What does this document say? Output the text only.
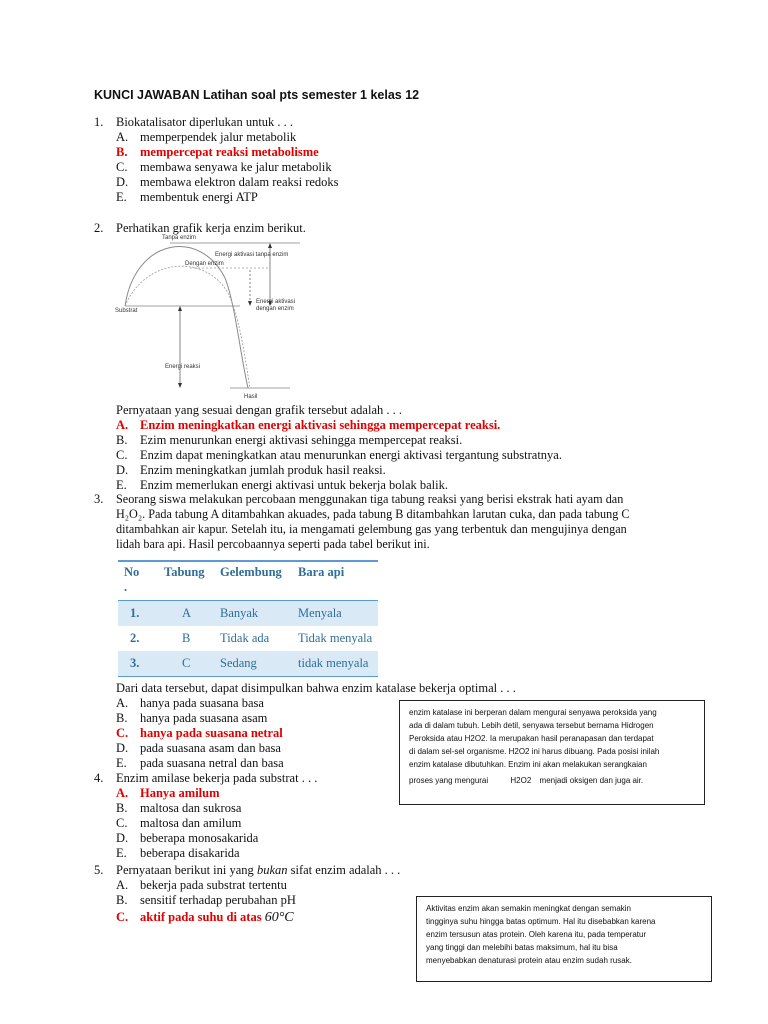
KUNCI JAWABAN Latihan soal pts semester 1 kelas 12
1. Biokatalisator diperlukan untuk . . .
A. memperpendek jalur metabolik
B. mempercepat reaksi metabolisme
C. membawa senyawa ke jalur metabolik
D. membawa elektron dalam reaksi redoks
E. membentuk energi ATP
2. Perhatikan grafik kerja enzim berikut.
Tanpa enzim
Dengan enzim
Energi aktivasi tanpa enzim
Energi aktivasi
dengan enzim
Substrat
Energi reaksi
Hasil
Pernyataan yang sesuai dengan grafik tersebut adalah . . .
A. Enzim meningkatkan energi aktivasi sehingga mempercepat reaksi.
B. Ezim menurunkan energi aktivasi sehingga mempercepat reaksi.
C. Enzim dapat meningkatkan atau menurunkan energi aktivasi tergantung substratnya.
D. Enzim meningkatkan jumlah produk hasil reaksi.
E. Enzim memerlukan energi aktivasi untuk bekerja bolak balik.
3. Seorang siswa melakukan percobaan menggunakan tiga tabung reaksi yang berisi ekstrak hati ayam dan
H₂O₂. Pada tabung A ditambahkan akuades, pada tabung B ditambahkan larutan cuka, dan pada tabung C
ditambahkan air kapur. Setelah itu, ia mengamati gelembung gas yang terbentuk dan mengujinya dengan
lidah bara api. Hasil percobaannya seperti pada tabel berikut ini.
No
.	Tabung	Gelembung	Bara api
1.	A	Banyak	Menyala
2.	B	Tidak ada	Tidak menyala
3.	C	Sedang	tidak menyala
Dari data tersebut, dapat disimpulkan bahwa enzim katalase bekerja optimal . . .
A. hanya pada suasana basa
B. hanya pada suasana asam
C. hanya pada suasana netral
D. pada suasana asam dan basa
E. pada suasana netral dan basa
enzim katalase ini berperan dalam mengurai senyawa peroksida yang
ada di dalam tubuh. Lebih detil, senyawa tersebut bernama Hidrogen
Peroksida atau H2O2. Ia merupakan hasil peranapasan dan terdapat
di dalam sel-sel organisme. H2O2 ini harus dibuang. Pada posisi inilah
enzim katalase dibutuhkan. Enzim ini akan melakukan serangkaian
proses yang mengurai	H2O2 menjadi oksigen dan juga air.
4. Enzim amilase bekerja pada substrat . . .
A. Hanya amilum
B. maltosa dan sukrosa
C. maltosa dan amilum
D. beberapa monosakarida
E. beberapa disakarida
5. Pernyataan berikut ini yang bukan sifat enzim adalah . . .
A. bekerja pada substrat tertentu
B. sensitif terhadap perubahan pH
C. aktif pada suhu di atas 60°C
Aktivitas enzim akan semakin meningkat dengan semakin
tingginya suhu hingga batas optimum. Hal itu disebabkan karena
enzim tersusun atas protein. Oleh karena itu, pada temperatur
yang tinggi dan melebihi batas maksimum, hal itu bisa
menyebabkan denaturasi protein atau enzim sudah rusak.
